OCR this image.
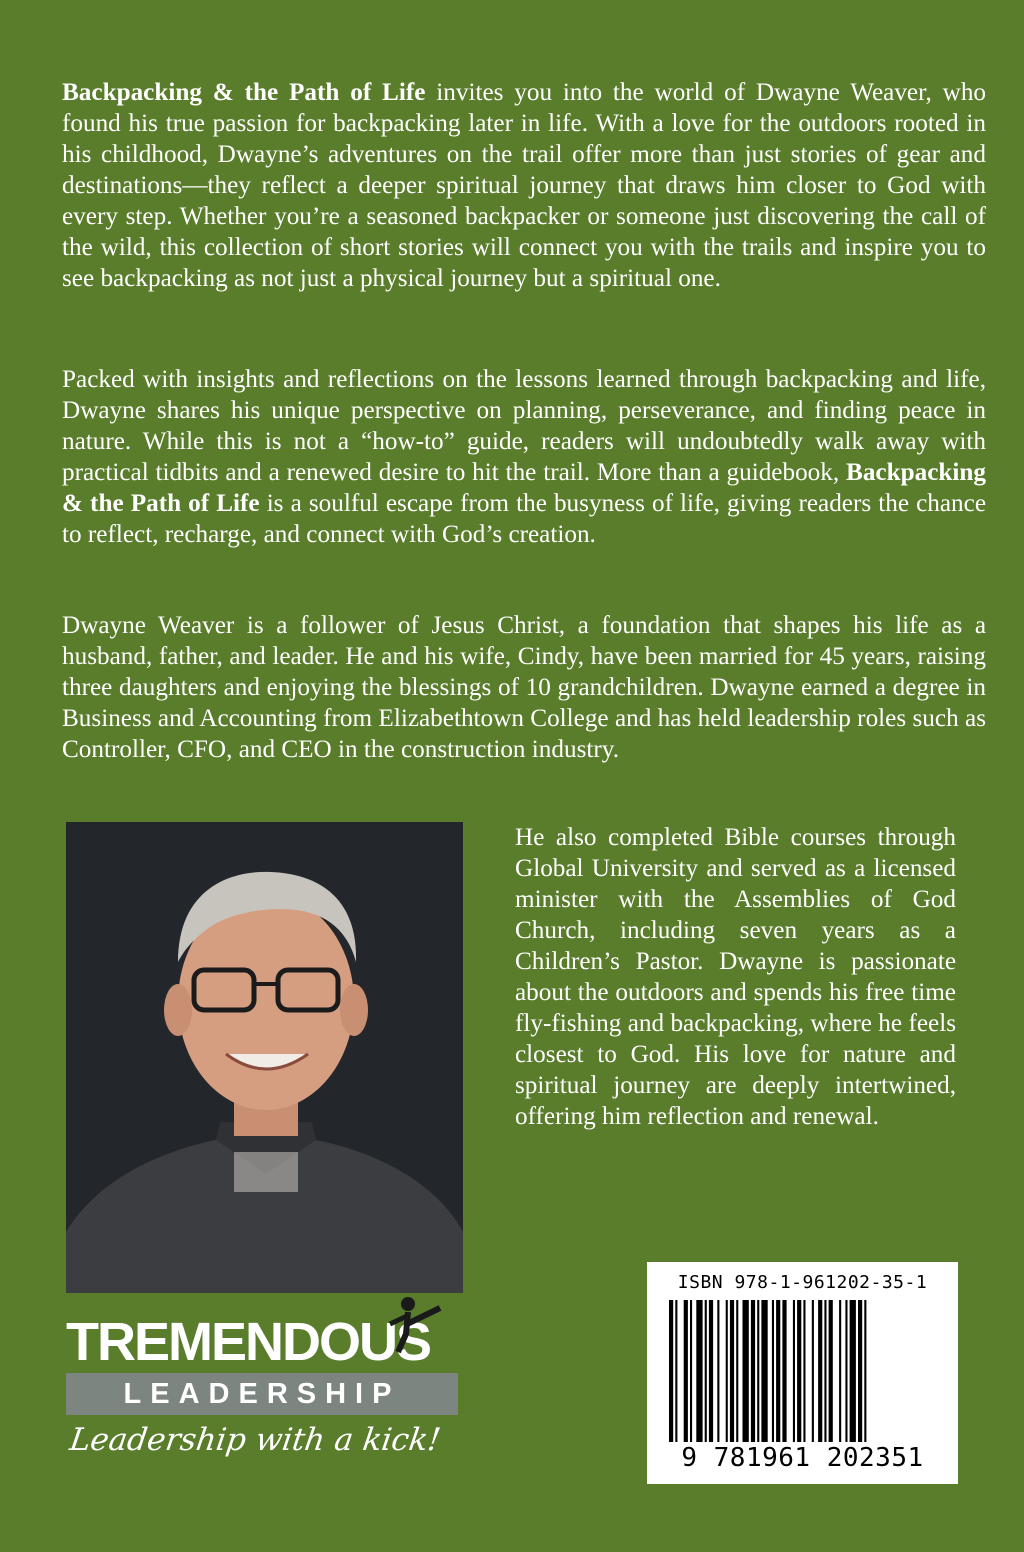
Backpacking & the Path of Life invites you into the world of Dwayne Weaver, who found his true passion for backpacking later in life. With a love for the outdoors rooted in his childhood, Dwayne’s adventures on the trail offer more than just stories of gear and destinations—they reflect a deeper spiritual journey that draws him closer to God with every step. Whether you’re a seasoned backpacker or someone just discovering the call of the wild, this collection of short stories will connect you with the trails and inspire you to see backpacking as not just a physical journey but a spiritual one.

Packed with insights and reflections on the lessons learned through backpacking and life, Dwayne shares his unique perspective on planning, perseverance, and finding peace in nature. While this is not a “how-to” guide, readers will undoubtedly walk away with practical tidbits and a renewed desire to hit the trail. More than a guidebook, Backpacking & the Path of Life is a soulful escape from the busyness of life, giving readers the chance to reflect, recharge, and connect with God’s creation.

Dwayne Weaver is a follower of Jesus Christ, a foundation that shapes his life as a husband, father, and leader. He and his wife, Cindy, have been married for 45 years, raising three daughters and enjoying the blessings of 10 grandchildren. Dwayne earned a degree in Business and Accounting from Elizabethtown College and has held leadership roles such as Controller, CFO, and CEO in the construction industry.

He also completed Bible courses through Global University and served as a licensed minister with the Assemblies of God Church, including seven years as a Children’s Pastor. Dwayne is passionate about the outdoors and spends his free time fly-fishing and backpacking, where he feels closest to God. His love for nature and spiritual journey are deeply intertwined, offering him reflection and renewal.

TREMENDOUS
LEADERSHIP
Leadership with a kick!
ISBN 978-1-961202-35-1
9 781961 202351
